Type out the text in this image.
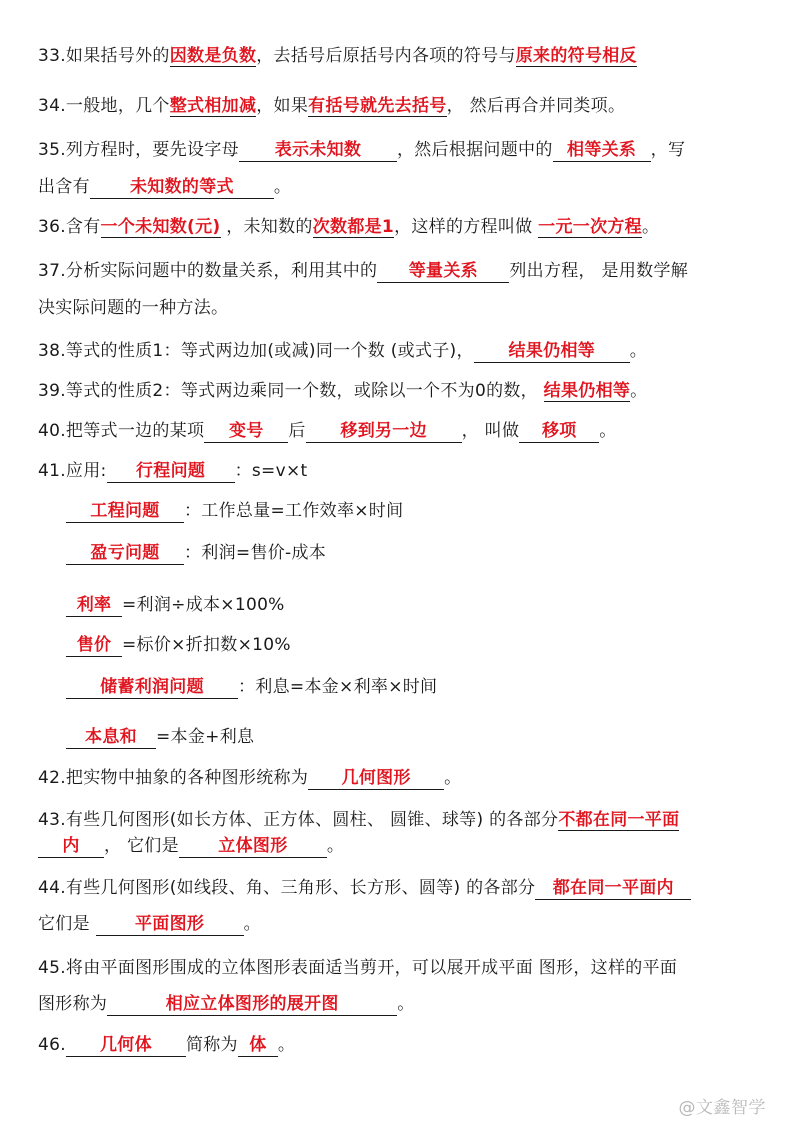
33.如果括号外的因数是负数，去括号后原括号内各项的符号与原来的符号相反
34.一般地，几个整式相加减，如果有括号就先去括号， 然后再合并同类项。
35.列方程时，要先设字母 表示未知数 ，然后根据问题中的 相等关系 ，写
出含有 未知数的等式 。
36.含有一个未知数(元) ，未知数的次数都是1，这样的方程叫做 一元一次方程。
37.分析实际问题中的数量关系，利用其中的 等量关系 列出方程， 是用数学解
决实际问题的一种方法。
38.等式的性质1：等式两边加(或减)同一个数 (或式子)， 结果仍相等 。
39.等式的性质2：等式两边乘同一个数，或除以一个不为0的数， 结果仍相等。
40.把等式一边的某项 变号 后 移到另一边 ， 叫做 移项 。
41.应用: 行程问题 ：s=v×t
工程问题 ：工作总量=工作效率×时间
盈亏问题 ：利润=售价-成本
利率 =利润÷成本×100%
售价 =标价×折扣数×10%
储蓄利润问题 ：利息=本金×利率×时间
本息和 =本金+利息
42.把实物中抽象的各种图形统称为 几何图形 。
43.有些几何图形(如长方体、正方体、圆柱、 圆锥、球等) 的各部分不都在同一平面
内 ， 它们是 立体图形 。
44.有些几何图形(如线段、角、三角形、长方形、圆等) 的各部分 都在同一平面内
它们是 平面图形 。
45.将由平面图形围成的立体图形表面适当剪开，可以展开成平面 图形，这样的平面
图形称为	相应立体图形的展开图	。
46. 几何体 简称为 体 。
@文鑫智学
